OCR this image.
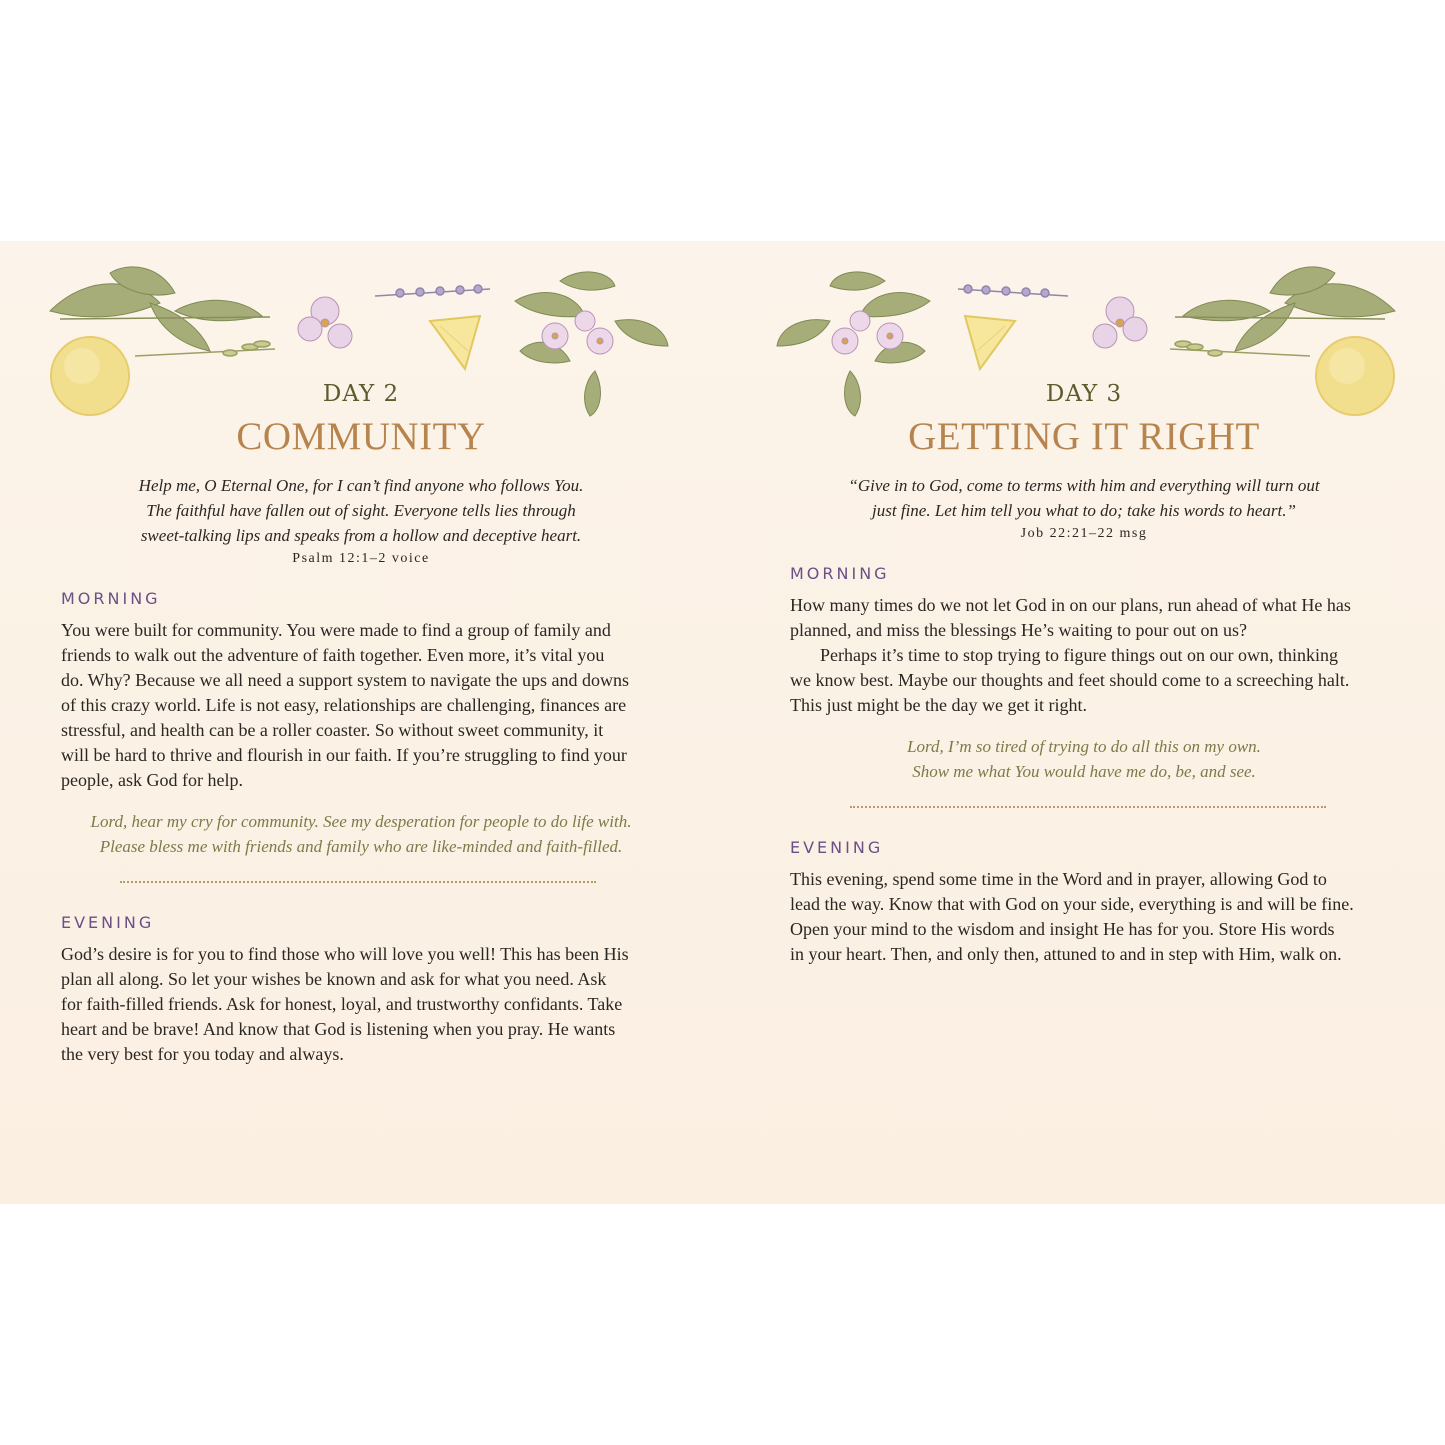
DAY 2
COMMUNITY
Help me, O Eternal One, for I can’t find anyone who follows You.
The faithful have fallen out of sight. Everyone tells lies through
sweet-talking lips and speaks from a hollow and deceptive heart.
Psalm 12:1–2 voice
MORNING
You were built for community. You were made to find a group of family and
friends to walk out the adventure of faith together. Even more, it’s vital you
do. Why? Because we all need a support system to navigate the ups and downs
of this crazy world. Life is not easy, relationships are challenging, finances are
stressful, and health can be a roller coaster. So without sweet community, it
will be hard to thrive and flourish in our faith. If you’re struggling to find your
people, ask God for help.
Lord, hear my cry for community. See my desperation for people to do life with.
Please bless me with friends and family who are like-minded and faith-filled.
EVENING
God’s desire is for you to find those who will love you well! This has been His
plan all along. So let your wishes be known and ask for what you need. Ask
for faith-filled friends. Ask for honest, loyal, and trustworthy confidants. Take
heart and be brave! And know that God is listening when you pray. He wants
the very best for you today and always.
DAY 3
GETTING IT RIGHT
“Give in to God, come to terms with him and everything will turn out
just fine. Let him tell you what to do; take his words to heart.”
Job 22:21–22 msg
MORNING
How many times do we not let God in on our plans, run ahead of what He has
planned, and miss the blessings He’s waiting to pour out on us?
Perhaps it’s time to stop trying to figure things out on our own, thinking
we know best. Maybe our thoughts and feet should come to a screeching halt.
This just might be the day we get it right.
Lord, I’m so tired of trying to do all this on my own.
Show me what You would have me do, be, and see.
EVENING
This evening, spend some time in the Word and in prayer, allowing God to
lead the way. Know that with God on your side, everything is and will be fine.
Open your mind to the wisdom and insight He has for you. Store His words
in your heart. Then, and only then, attuned to and in step with Him, walk on.
